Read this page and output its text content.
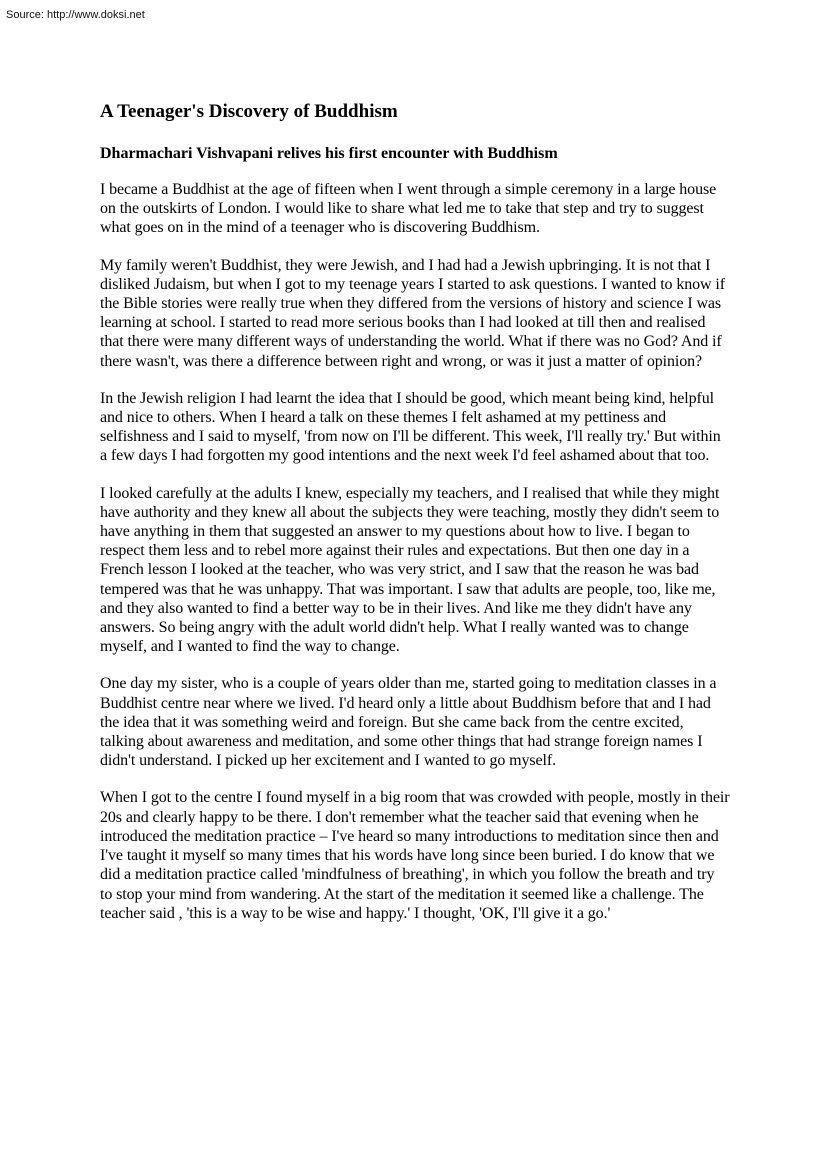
Source: http://www.doksi.net
A Teenager's Discovery of Buddhism
Dharmachari Vishvapani relives his first encounter with Buddhism

I became a Buddhist at the age of fifteen when I went through a simple ceremony in a large house on the outskirts of London. I would like to share what led me to take that step and try to suggest what goes on in the mind of a teenager who is discovering Buddhism.

My family weren't Buddhist, they were Jewish, and I had had a Jewish upbringing. It is not that I disliked Judaism, but when I got to my teenage years I started to ask questions. I wanted to know if the Bible stories were really true when they differed from the versions of history and science I was learning at school. I started to read more serious books than I had looked at till then and realised that there were many different ways of understanding the world. What if there was no God? And if there wasn't, was there a difference between right and wrong, or was it just a matter of opinion?

In the Jewish religion I had learnt the idea that I should be good, which meant being kind, helpful and nice to others. When I heard a talk on these themes I felt ashamed at my pettiness and selfishness and I said to myself, 'from now on I'll be different. This week, I'll really try.' But within a few days I had forgotten my good intentions and the next week I'd feel ashamed about that too.

I looked carefully at the adults I knew, especially my teachers, and I realised that while they might have authority and they knew all about the subjects they were teaching, mostly they didn't seem to have anything in them that suggested an answer to my questions about how to live. I began to respect them less and to rebel more against their rules and expectations. But then one day in a French lesson I looked at the teacher, who was very strict, and I saw that the reason he was bad tempered was that he was unhappy. That was important. I saw that adults are people, too, like me, and they also wanted to find a better way to be in their lives. And like me they didn't have any answers. So being angry with the adult world didn't help. What I really wanted was to change myself, and I wanted to find the way to change.

One day my sister, who is a couple of years older than me, started going to meditation classes in a Buddhist centre near where we lived. I'd heard only a little about Buddhism before that and I had the idea that it was something weird and foreign. But she came back from the centre excited, talking about awareness and meditation, and some other things that had strange foreign names I didn't understand. I picked up her excitement and I wanted to go myself.

When I got to the centre I found myself in a big room that was crowded with people, mostly in their 20s and clearly happy to be there. I don't remember what the teacher said that evening when he introduced the meditation practice – I've heard so many introductions to meditation since then and I've taught it myself so many times that his words have long since been buried. I do know that we did a meditation practice called 'mindfulness of breathing', in which you follow the breath and try to stop your mind from wandering. At the start of the meditation it seemed like a challenge. The teacher said , 'this is a way to be wise and happy.' I thought, 'OK, I'll give it a go.'
